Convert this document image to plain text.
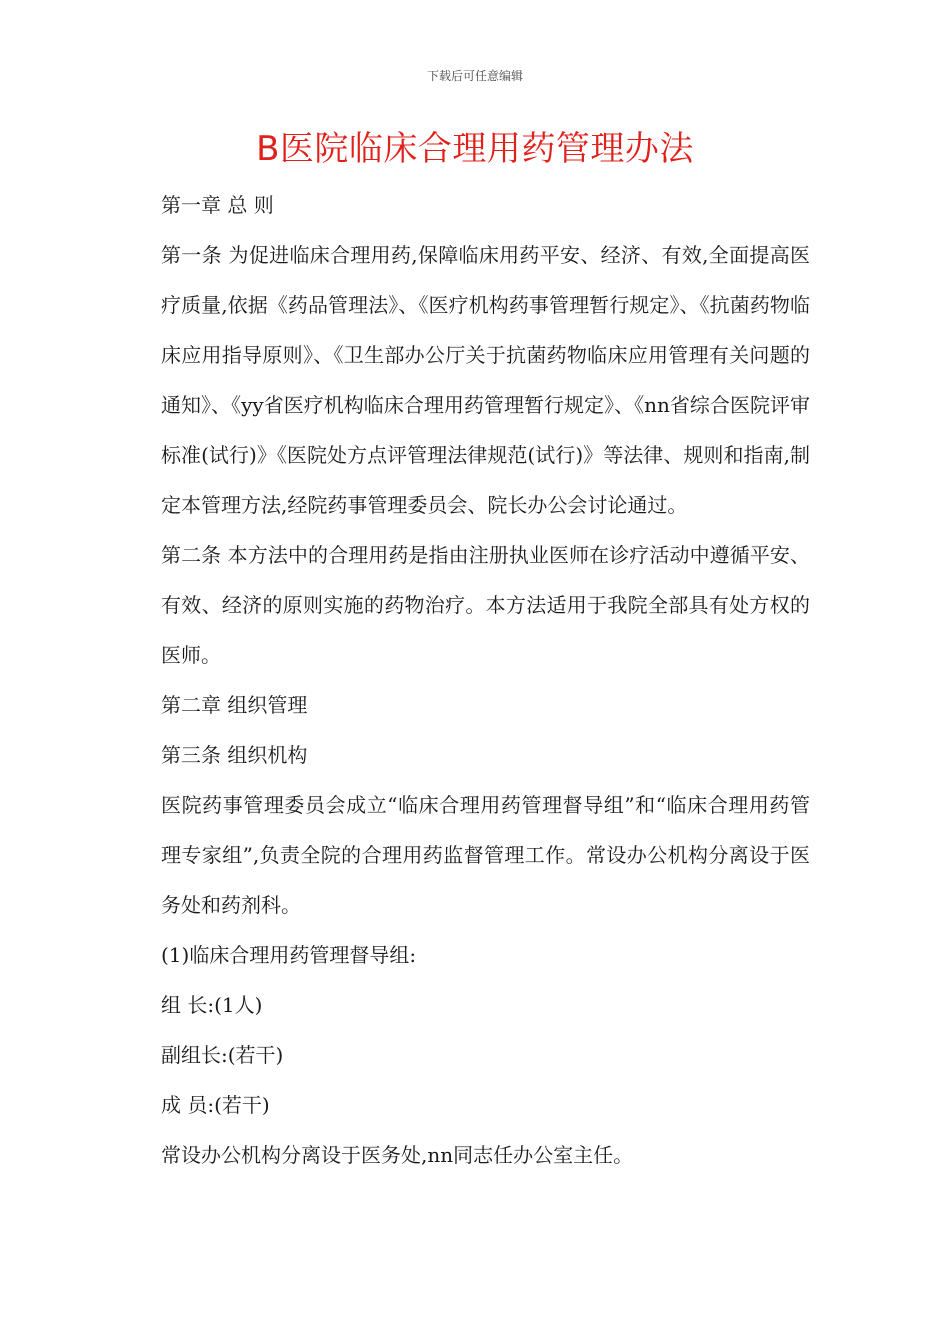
下载后可任意编辑
B医院临床合理用药管理办法

第一章 总 则

第一条 为促进临床合理用药,保障临床用药平安、经济、有效,全面提高医疗质量,依据《药品管理法》、《医疗机构药事管理暂行规定》、《抗菌药物临床应用指导原则》、《卫生部办公厅关于抗菌药物临床应用管理有关问题的通知》、《yy省医疗机构临床合理用药管理暂行规定》、《nn省综合医院评审标准(试行)》《医院处方点评管理法律规范(试行)》等法律、规则和指南,制定本管理方法,经院药事管理委员会、院长办公会讨论通过。

第二条 本方法中的合理用药是指由注册执业医师在诊疗活动中遵循平安、有效、经济的原则实施的药物治疗。本方法适用于我院全部具有处方权的医师。

第二章 组织管理

第三条 组织机构

医院药事管理委员会成立“临床合理用药管理督导组”和“临床合理用药管理专家组”,负责全院的合理用药监督管理工作。常设办公机构分离设于医务处和药剂科。

(1)临床合理用药管理督导组:

组 长:(1人)

副组长:(若干)

成 员:(若干)

常设办公机构分离设于医务处,nn同志任办公室主任。
